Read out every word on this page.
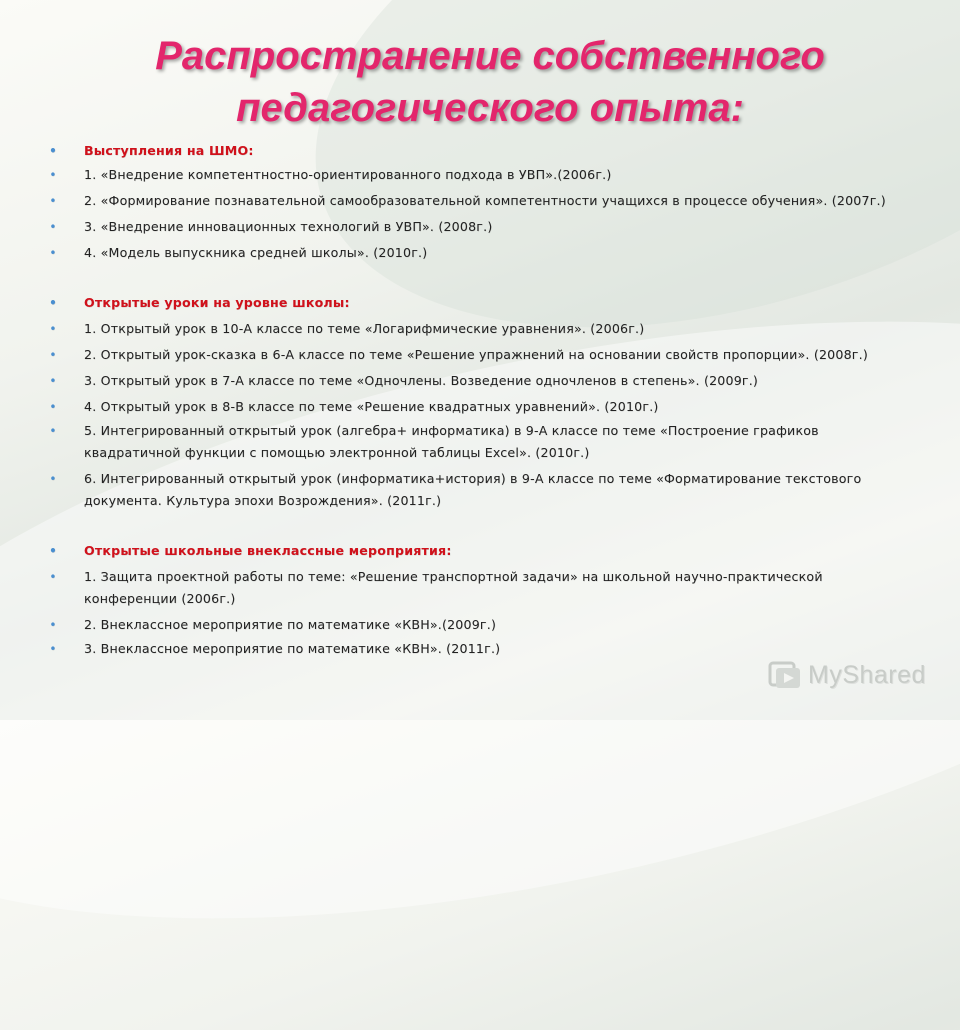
Распространение собственного
педагогического опыта:
• Выступления на ШМО:
• 1. «Внедрение компетентностно-ориентированного подхода в УВП».(2006г.)
• 2. «Формирование познавательной самообразовательной компетентности учащихся в процессе обучения». (2007г.)
• 3. «Внедрение инновационных технологий в УВП». (2008г.)
• 4. «Модель выпускника средней школы». (2010г.)
• Открытые уроки на уровне школы:
• 1. Открытый урок в 10-А классе по теме «Логарифмические уравнения». (2006г.)
• 2. Открытый урок-сказка в 6-А классе по теме «Решение упражнений на основании свойств пропорции». (2008г.)
• 3. Открытый урок в 7-А классе по теме «Одночлены. Возведение одночленов в степень». (2009г.)
• 4. Открытый урок в 8-В классе по теме «Решение квадратных уравнений». (2010г.)
• 5. Интегрированный открытый урок (алгебра+ информатика) в 9-А классе по теме «Построение графиков квадратичной функции с помощью электронной таблицы Excel». (2010г.)
• 6. Интегрированный открытый урок (информатика+история) в 9-А классе по теме «Форматирование текстового документа. Культура эпохи Возрождения». (2011г.)
• Открытые школьные внеклассные мероприятия:
• 1. Защита проектной работы по теме: «Решение транспортной задачи» на школьной научно-практической конференции (2006г.)
• 2. Внеклассное мероприятие по математике «КВН».(2009г.)
• 3. Внеклассное мероприятие по математике «КВН». (2011г.)
MyShared
